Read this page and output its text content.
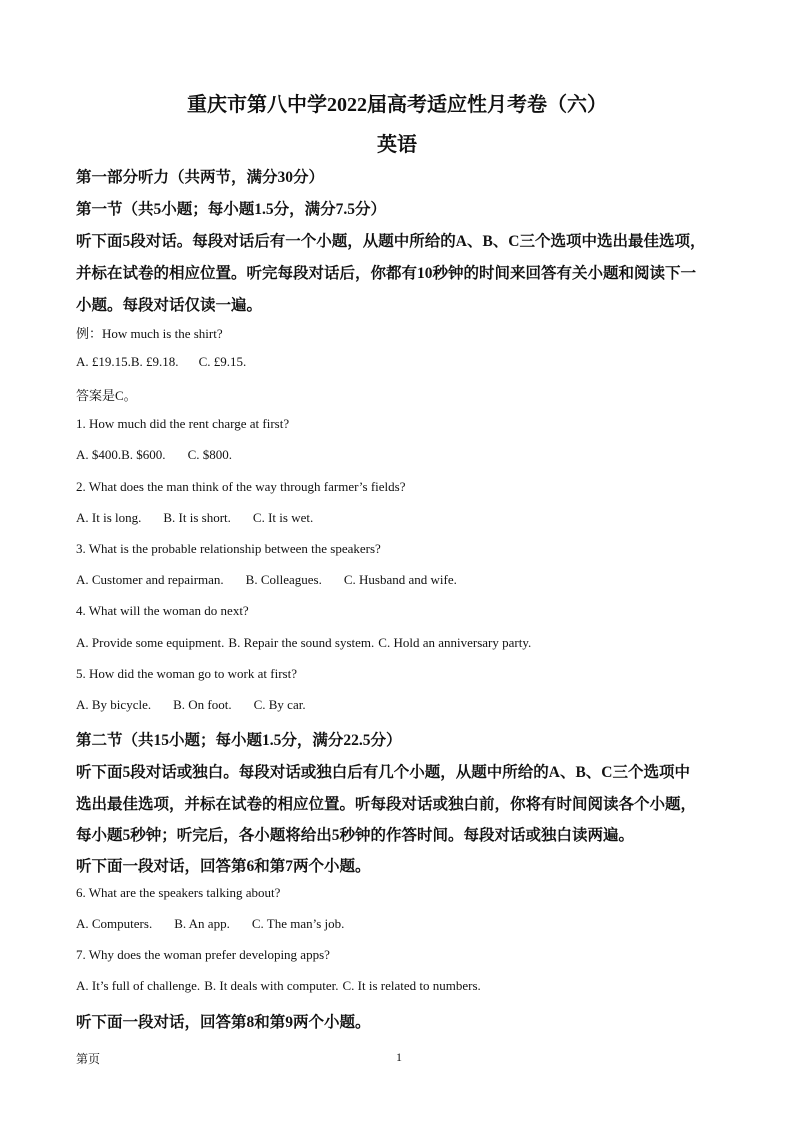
重庆市第八中学2022届高考适应性月考卷（六）
英语
第一部分听力（共两节，满分30分）
第一节（共5小题；每小题1.5分，满分7.5分）
听下面5段对话。每段对话后有一个小题，从题中所给的A、B、C三个选项中选出最佳选项，
并标在试卷的相应位置。听完每段对话后，你都有10秒钟的时间来回答有关小题和阅读下一
小题。每段对话仅读一遍。
例：How much is the shirt?
A. £19.15.B. £9.18. C. £9.15.
答案是C。
1. How much did the rent charge at first?
A. $400.B. $600. C. $800.
2. What does the man think of the way through farmer’s fields?
A. It is long. B. It is short. C. It is wet.
3. What is the probable relationship between the speakers?
A. Customer and repairman. B. Colleagues. C. Husband and wife.
4. What will the woman do next?
A. Provide some equipment. B. Repair the sound system. C. Hold an anniversary party.
5. How did the woman go to work at first?
A. By bicycle. B. On foot. C. By car.
第二节（共15小题；每小题1.5分，满分22.5分）
听下面5段对话或独白。每段对话或独白后有几个小题，从题中所给的A、B、C三个选项中
选出最佳选项，并标在试卷的相应位置。听每段对话或独白前，你将有时间阅读各个小题，
每小题5秒钟；听完后，各小题将给出5秒钟的作答时间。每段对话或独白读两遍。
听下面一段对话，回答第6和第7两个小题。
6. What are the speakers talking about?
A. Computers. B. An app. C. The man’s job.
7. Why does the woman prefer developing apps?
A. It’s full of challenge. B. It deals with computer. C. It is related to numbers.
听下面一段对话，回答第8和第9两个小题。
第页	1
